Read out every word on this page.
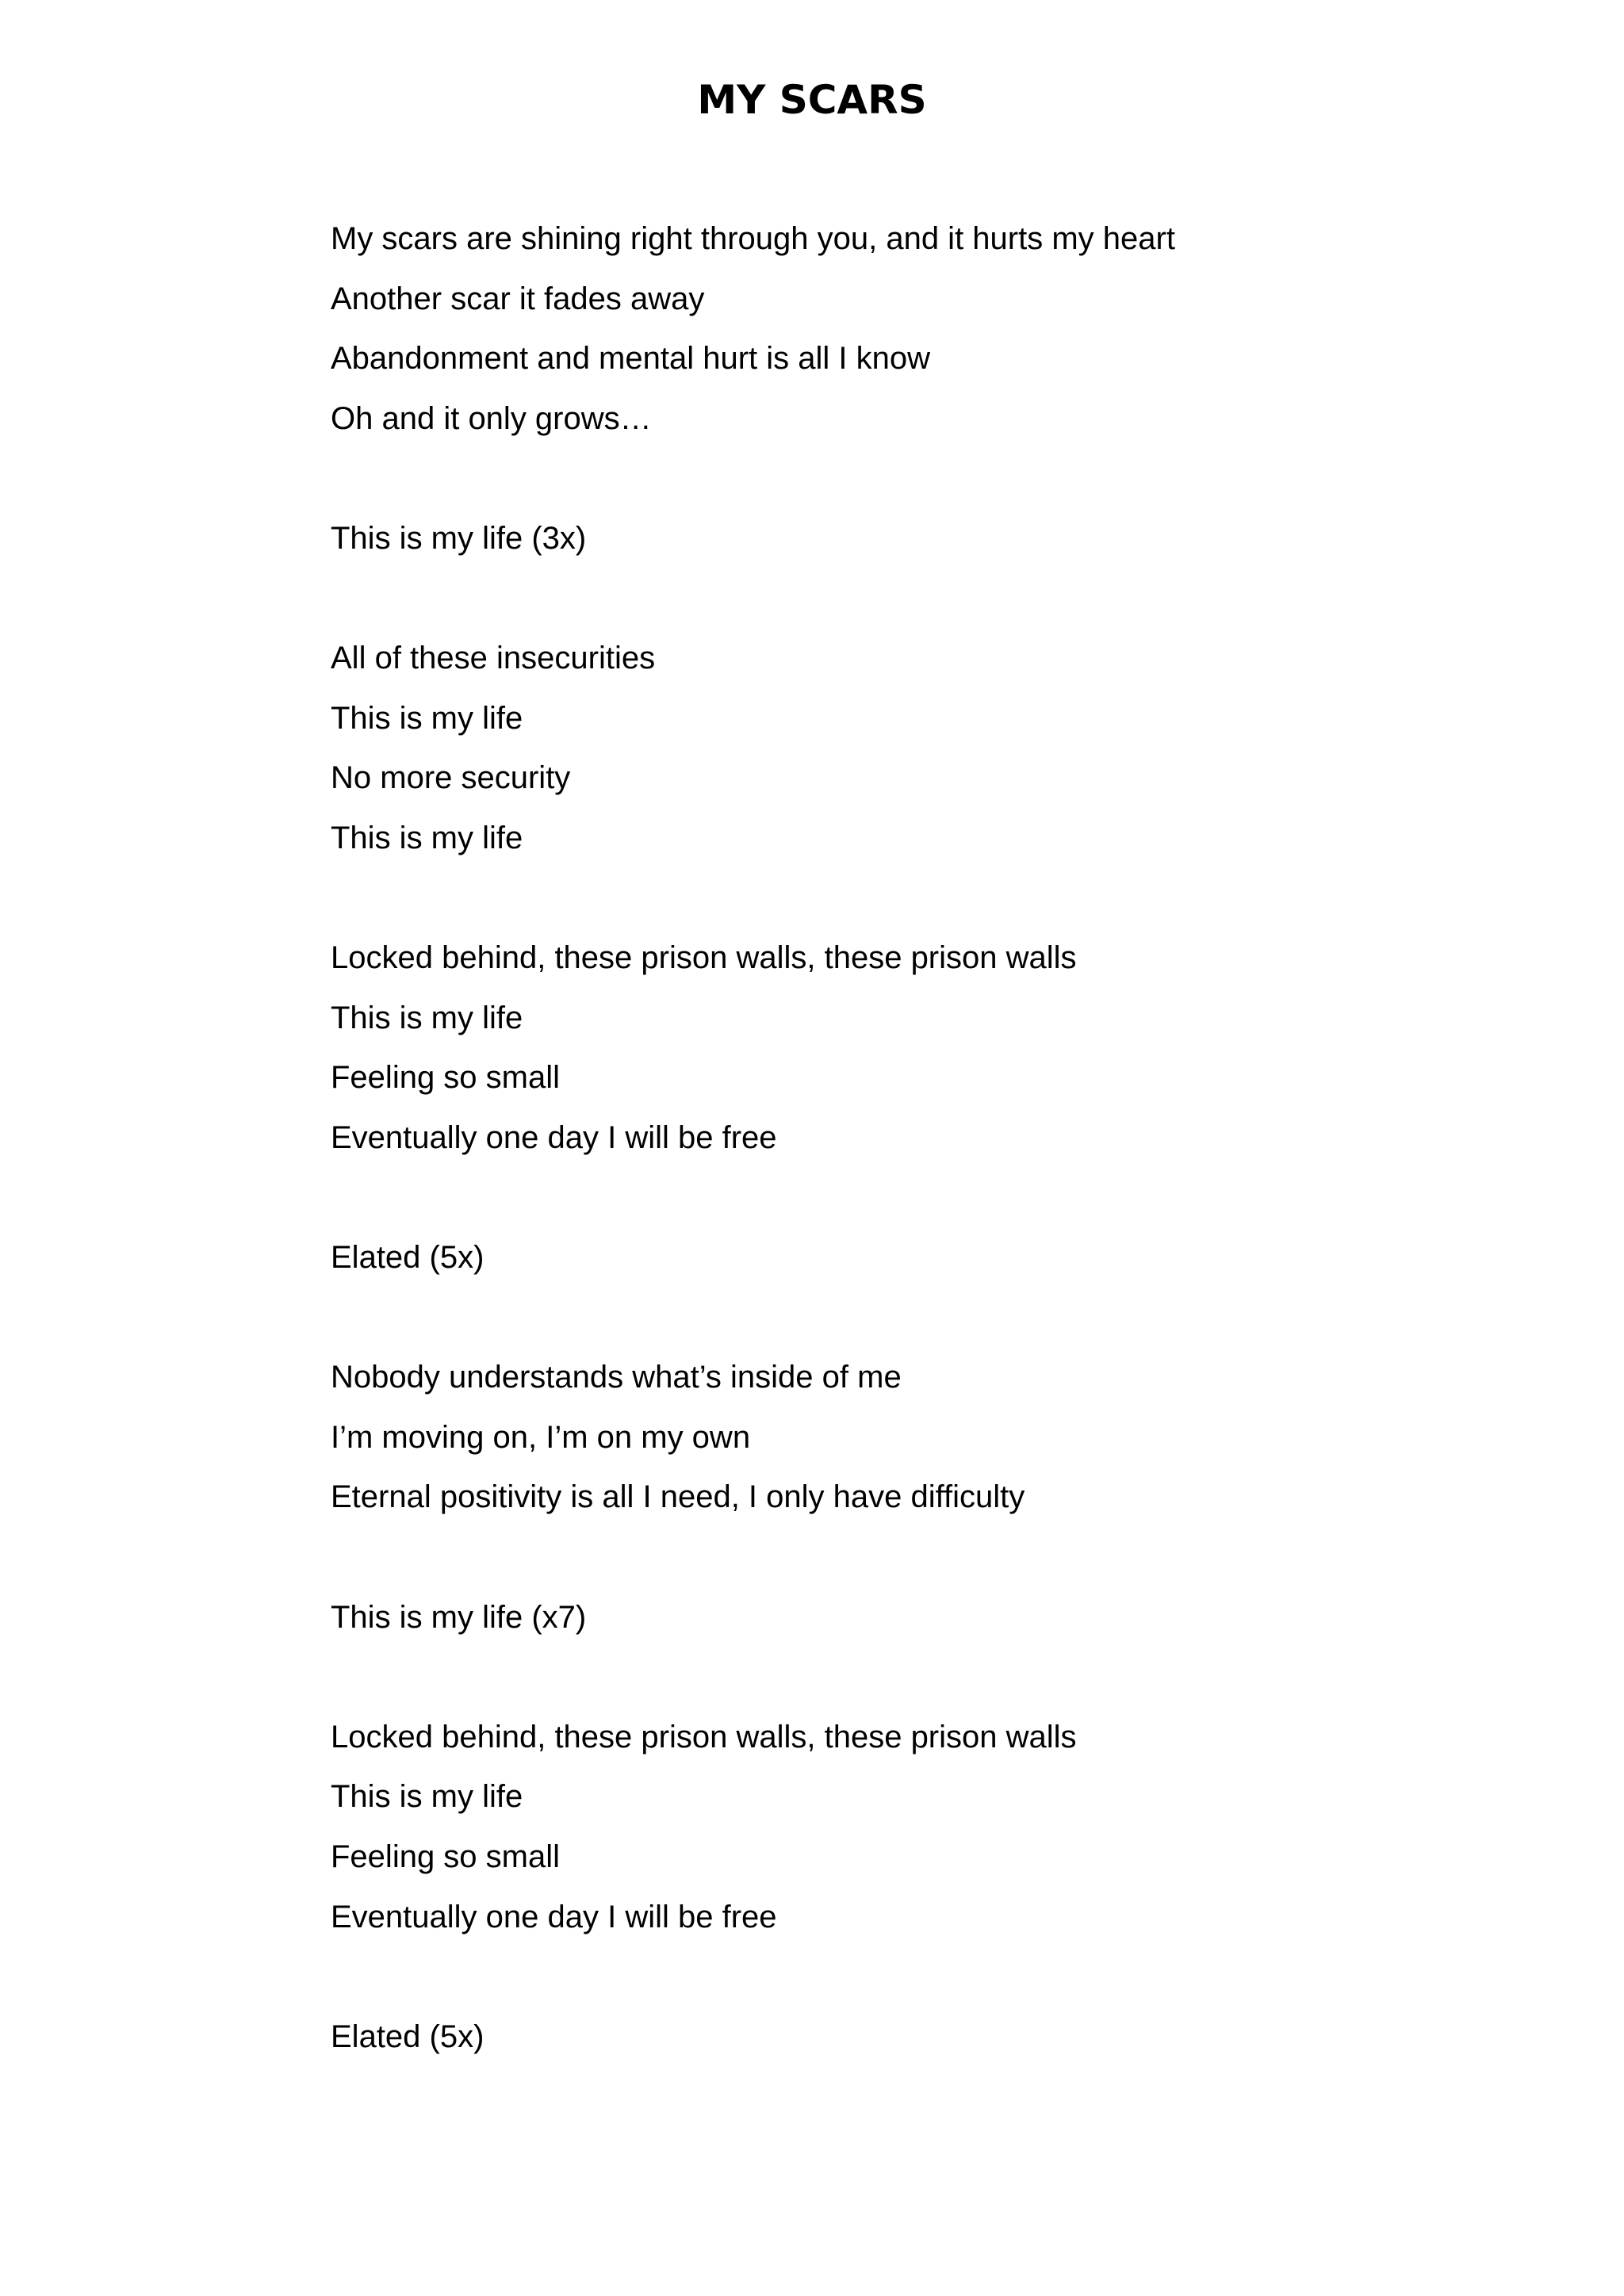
MY SCARS
My scars are shining right through you, and it hurts my heart
Another scar it fades away
Abandonment and mental hurt is all I know
Oh and it only grows…
This is my life (3x)
All of these insecurities
This is my life
No more security
This is my life
Locked behind, these prison walls, these prison walls
This is my life
Feeling so small
Eventually one day I will be free
Elated (5x)
Nobody understands what’s inside of me
I’m moving on, I’m on my own
Eternal positivity is all I need, I only have difficulty
This is my life (x7)
Locked behind, these prison walls, these prison walls
This is my life
Feeling so small
Eventually one day I will be free
Elated (5x)
